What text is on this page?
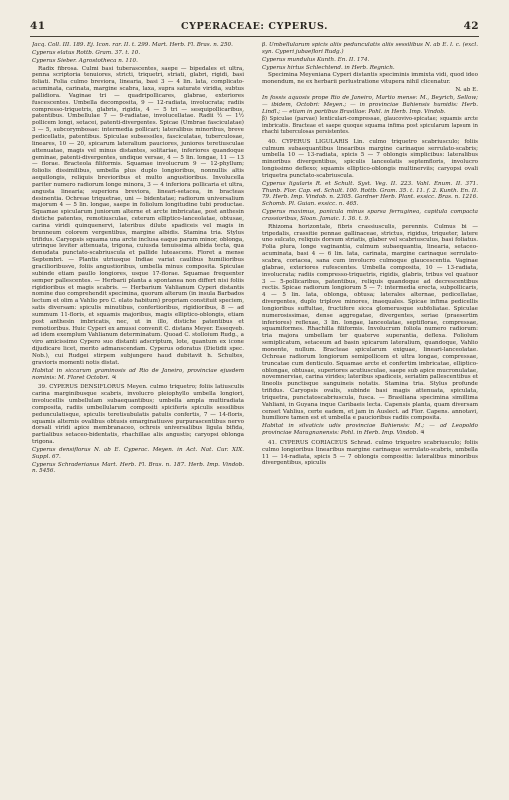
41	CYPERACEAE: CYPERUS.	42

Jacq. Coll. III. 189. Ej. Icon. rar. II. t. 299. Mart. Herb. Fl. Bras. n. 250.

Cyperus elatus Rottb. Gram. 37. t. 10.

Cyperus Sieber. Agrostotheca n. 110.

Radix fibrosa. Culmi basi tuberascentes, saepe — bipedales et ultra, penna scriptoria tenuiores, stricti, triquetri, striati, glabri, rigidi, basi foliati. Folia culmo breviora, linearia, basi 3 — 4 lin. lata, complicato-acuminata, carinata, margine scabra, laxa, supra saturate viridia, subtus pallidiora. Vaginae tri — quadripollicares, glabrae, exteriores fuscescentes. Umbella decomposita, 9 — 12-radiata, involucrata; radiis compresso-triquetris, glabris, rigidis, 4 — 5 tri — sesquipollicaribus, patentibus. Umbellulae 7 — 9-radiatae, involucellatae. Radii ½ — 1½ pollicem longi, setacei, patenti-divergentes. Spicae (Umbrae fasciculatae) 3 — 5, subcorymbosae: intermedia pollicari; lateralibus minoribus, breve pedicellatis, patentibus. Spiculae subsessiles, fasciculatae, tuberculosae, lineares, 10 — 20, spicarum lateralium pauciores, juniores teretiusculae attenuatae, magis vel minus distantes, solitariae, inferiores quandoque geminae, patenti-divergentes, undique versae, 4 — 5 lin. longae, 11 — 13 — florae. Bracteola filiformis. Squamae involucrum 9 — 12-phyllum; foliolis dissimilibus, umbella plus duplo longioribus, nonnullis altis aequilongis, reliquis brevioribus et multo angustioribus. Involucella pariter numero radiorum longe minora, 3 — 4 inferiora pollicaria et ultra, angusta linearia; superiora breviora, lineari-setacea, in bracteas desinentia. Ochreae triquetrae, uni — bidentatae; radiorum universalium majorum 4 — 5 lin. longae, saepe in foliolum longitudine tubi productae. Squamae spicularum juniorum alterne et arcte imbricatae, post anthesin distiche patentes, remotiusculae, ceterum elliptico-lanceolatae, obtusae, carina viridi quinquenervi, lateribus dilute spadiceis vel magis in brunneum colorem vergentibus, margine albidis. Stamina tria. Stylus trifidus. Caryopsis squama una arcte inclusa eaque parum minor, oblonga, utrinque leviter attenuata, trigona, cuiusda tenuissima albida tecta, qua denudata punctato-scabriuscula et pallide luteascens. Floret a mense Septembri. — Plantis utriusque Indiae variat caulibus humilioribus gracilioribusve, foliis angustioribus, umbella minus composita. Spiculae subinde etiam paullo longiores, usque 17-florae. Squamae frequenter semper pallescentes. — Herbarii planta a spontanea non differt nisi foliis rigidioribus et magis scabris. — Herbarium Vahlianum Cyperi distantis nomine duo comprehendit specimina, quorum alterum (in insula Barbados lectum et olim a Vahlio pro C. elato habitum) propriam constituit speciem, satis diversam: spiculis minutibus, confertioribus, rigidioribus, 8 — ad summum 11-floris, et squamis majoribus, magis elliptico-oblongis, etiam post anthesin imbricatis, nec, ut in illo, distiche patentibus et remotioribus. Huic Cyperi ex amussi convenit C. distans Meyer. Esseqveb. ad idem exemplum Vahlianum determinatum. Quoad C. stolloium Rudg., a viro amicissimo Cypero suo distanti adscriptum, lote, quantum ex icone dijudicare licet, merito admanscendam. Cyperus odoratus (Dietidii spec. Nob.), cui Rudgei stirpem subjungere haud dubitavit h. Schultes, gravioris momenti notis distat.

Habitat in siccarum graminosis ad Rio de Janeiro, provinciae ejusdem nominis: M. Floret Octobri. ♃

39. CYPERUS DENSIFLORUS Meyen. culmo triquetro; foliis latiusculis carina marginibusque scabris, involucro pleiophyllo umbella longiori, involucellis umbellulam subaequantibus; umbella ampla multiradiata composita, radiis umbellularum compositi spiciferis spiculis sessilibus pedunculatisque, spiculis teretisubulatis patulis confertis, 7 — 14-floris, squamis alternis ovalibus obtusis emarginatiusve purpurascentibus nervo dorsali viridi apice membranaceo, ochreis universalibus ligula bifida, partialibus setaceo-bidentatis, rhachillae alis angustis; caryopsi oblonga trigona.

Cyperus densiflorus N. ab E. Cyperac. Meyen. in Act. Nat. Cur. XIX. Suppl. 67.

Cyperus Schraderianus Mart. Herb. Fl. Bras. n. 187. Herb. Imp. Vindob. n. 5456.

β. Umbellularum spicis aliis pedunculatis aliis sessilibus N. ab E. l. c. (excl. syn. Cyperi jubaeflori Rudg.)

Cyperus mundulus Kunth. En. II. 174.

Cyperus hirtus Schlechtend. in Herb. Regnich.

Specimina Meyeniana Cyperi distantis speciminis immixta vidi, quod ideo monendum, ne ex herbarii perlustratione vitupera nihil clicenatur.

N. ab E.

In fossis aquosis prope Rio de Janeiro, Martio mense: M., Beyrich, Sellow; — ibidem, Octobri: Meyen.; — in provinciae Bahiensis humidis: Herb. Lindl.; — etiam in partibus Brasiliae: Pohl. in Herb. Imp. Vindob.

β) Spiculae (parvae) lenticulari-compressae, glaucovivo-spicatae; squamis arcte imbricatis. Bracteae et saepe quoque squama infima post spicularum lapsum in rhachi tuberculosas persistentes.

40. CYPERUS LIGULARIS Lin. culmo triquetro scabriusculo; foliis culmum subaequantibus linearibus margine carinaque serrulato-scabris; umbella 10 — 13-radiata, spicis 5 — 7 oblongis simplicibus: lateralibus minoribus divergentibus, spiculis lanceolatis septemfloris, involucro longissimo deflexo; squamis elliptico-oblongis multinerviis; caryopsi ovali triquetra punctato-scabriuscula.

Cyperus ligularis R. et Schult. Syst. Veg. II. 223. Vahl. Enum. II. 371. Thunb. Flor. Cap. ed. Schult. 100. Rottb. Gram. 35. t. 11. f. 2. Kunth. En. II. 79. Herb. Imp. Vindob. n. 2305. Gardner Herb. Plant. exsicc. Bras. n. 1216. Schomb. Pl. Guian. exsicc. n. 465.

Cyperus maximus, panicula minus sparsa ferruginea, capitula compacta crassioribus, Sloan. Jamaic. I. 36. t. 9.

Rhizoma horizontale, fibris crassiusculis, perennis. Culmus bi — tripedalis, crassitie pennae gallinaceae, strictus, rigidus, triqueter, latere uno sulcato, reliquis dorsum striatis, glaber vel scabriusculus, basi foliatus. Folia plura, longe vaginantia, culmum subaequantia, linearia, setaceo-acuminata, basi 4 — 6 lin. lata, carinata, margine carinaque serrulato-scabra, coriacea, sana cum involucro culmoque glaucescentia. Vaginae glabrae, exteriores rufescentes. Umbella composita, 10 — 13-radiata, involucrata; radiis compresso-triquetris, rigidis, glabris, tribus vel quatuor 3 — 5-pollicaribus, patentibus, reliquis quandoque ad decrescentibus rectis. Spicae radiorum longiorum 5 — 7: intermedia erecta, subpollicaris, 4 — 5 lin. lata, oblonga, obtusa; laterales alternae, pedicellatae, divergentes, duplo triplove minores, inaequales. Spicae infima pedicellis longioribus suffultae, fructifere sicca glomerusque subfoliatae. Spiculae numerosissimae, dense aggregatae, divergentes, seriae (praesertim inferiores) reflexae, 3 lin. longae, lanceolatae, septiflorae, compressae, squamiformes. Rhachilla filiformis. Involucrum foliola numero radiorum: tria majora umbellam ter quaterve superantia, deflexa. Foliolum semiplicatum, setaceum ad basin spicarum lateralium, quandoque, Vahlio monente, nullum. Bracteae spicularum exiguae, lineari-lanceolatae. Ochreae radiorum longiorum semipollicem et ultra longae, compressae, truncatae cum denticulo. Squamae arcte et confertim imbricatae, elliptico-oblongae, obtusae, superiores acutiusculae, saepe sub apice mucronulatae, novemnerviae, carina virides; lateribus spadiceis, seriatim pallescentibus et lineolis punctisque sanguineis notatis. Stamina tria. Stylus profunde trifidus. Caryopsis ovalis, subinde basi magis attenuata, spiculata, triquetra, punctatoscabriuscula, fusca. — Brasiliana specimina simillima Vahliani, in Guyana inque Caribaeis lecta. Capensis planta, quam diversam censet Vahlius, certe eadem, et jam in Auslect. ad Flor. Capens. annotavi, humiliore tamen est et umbella e paucioribus radiis composita.

Habitat in silvaticis udis provinciae Bahiensis: M.; — ad Leopoldo provinciae Maragnanensis: Pohl. in Herb. Imp. Vindob. ♃

41. CYPERUS CORIACEUS Schrad. culmo triquetro scabriusculo; foliis culmo longioribus linearibus margine carinaque serrulato-scabris, umbella 11 — 14-radiata, spicis 5 — 7 oblongis compositis: lateralibus minoribus divergentibus, spiculis
